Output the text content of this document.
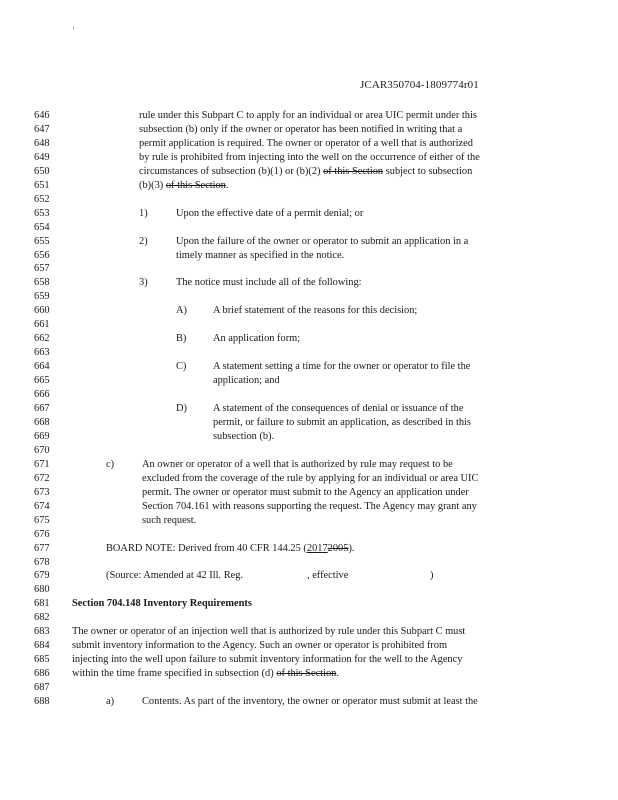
JCAR350704-1809774r01
646
647
648
649
650
651
652
653
654
655
656
657
658
659
660
661
662
663
664
665
666
667
668
669
670
671
672
673
674
675
676
677
678
679
680
681
682
683
684
685
686
687
688
rule under this Subpart C to apply for an individual or area UIC permit under this
subsection (b) only if the owner or operator has been notified in writing that a
permit application is required. The owner or operator of a well that is authorized
by rule is prohibited from injecting into the well on the occurrence of either of the
circumstances of subsection (b)(1) or (b)(2) of this Section subject to subsection
(b)(3) of this Section.
1)	Upon the effective date of a permit denial; or
2)	Upon the failure of the owner or operator to submit an application in a
timely manner as specified in the notice.
3)	The notice must include all of the following:
A)	A brief statement of the reasons for this decision;
B)	An application form;
C)	A statement setting a time for the owner or operator to file the
application; and
D)	A statement of the consequences of denial or issuance of the
permit, or failure to submit an application, as described in this
subsection (b).
c)	An owner or operator of a well that is authorized by rule may request to be
excluded from the coverage of the rule by applying for an individual or area UIC
permit. The owner or operator must submit to the Agency an application under
Section 704.161 with reasons supporting the request. The Agency may grant any
such request.
BOARD NOTE: Derived from 40 CFR 144.25 (20172005).
(Source: Amended at 42 Ill. Reg.	, effective	)
Section 704.148 Inventory Requirements
The owner or operator of an injection well that is authorized by rule under this Subpart C must
submit inventory information to the Agency. Such an owner or operator is prohibited from
injecting into the well upon failure to submit inventory information for the well to the Agency
within the time frame specified in subsection (d) of this Section.
a)	Contents. As part of the inventory, the owner or operator must submit at least the
